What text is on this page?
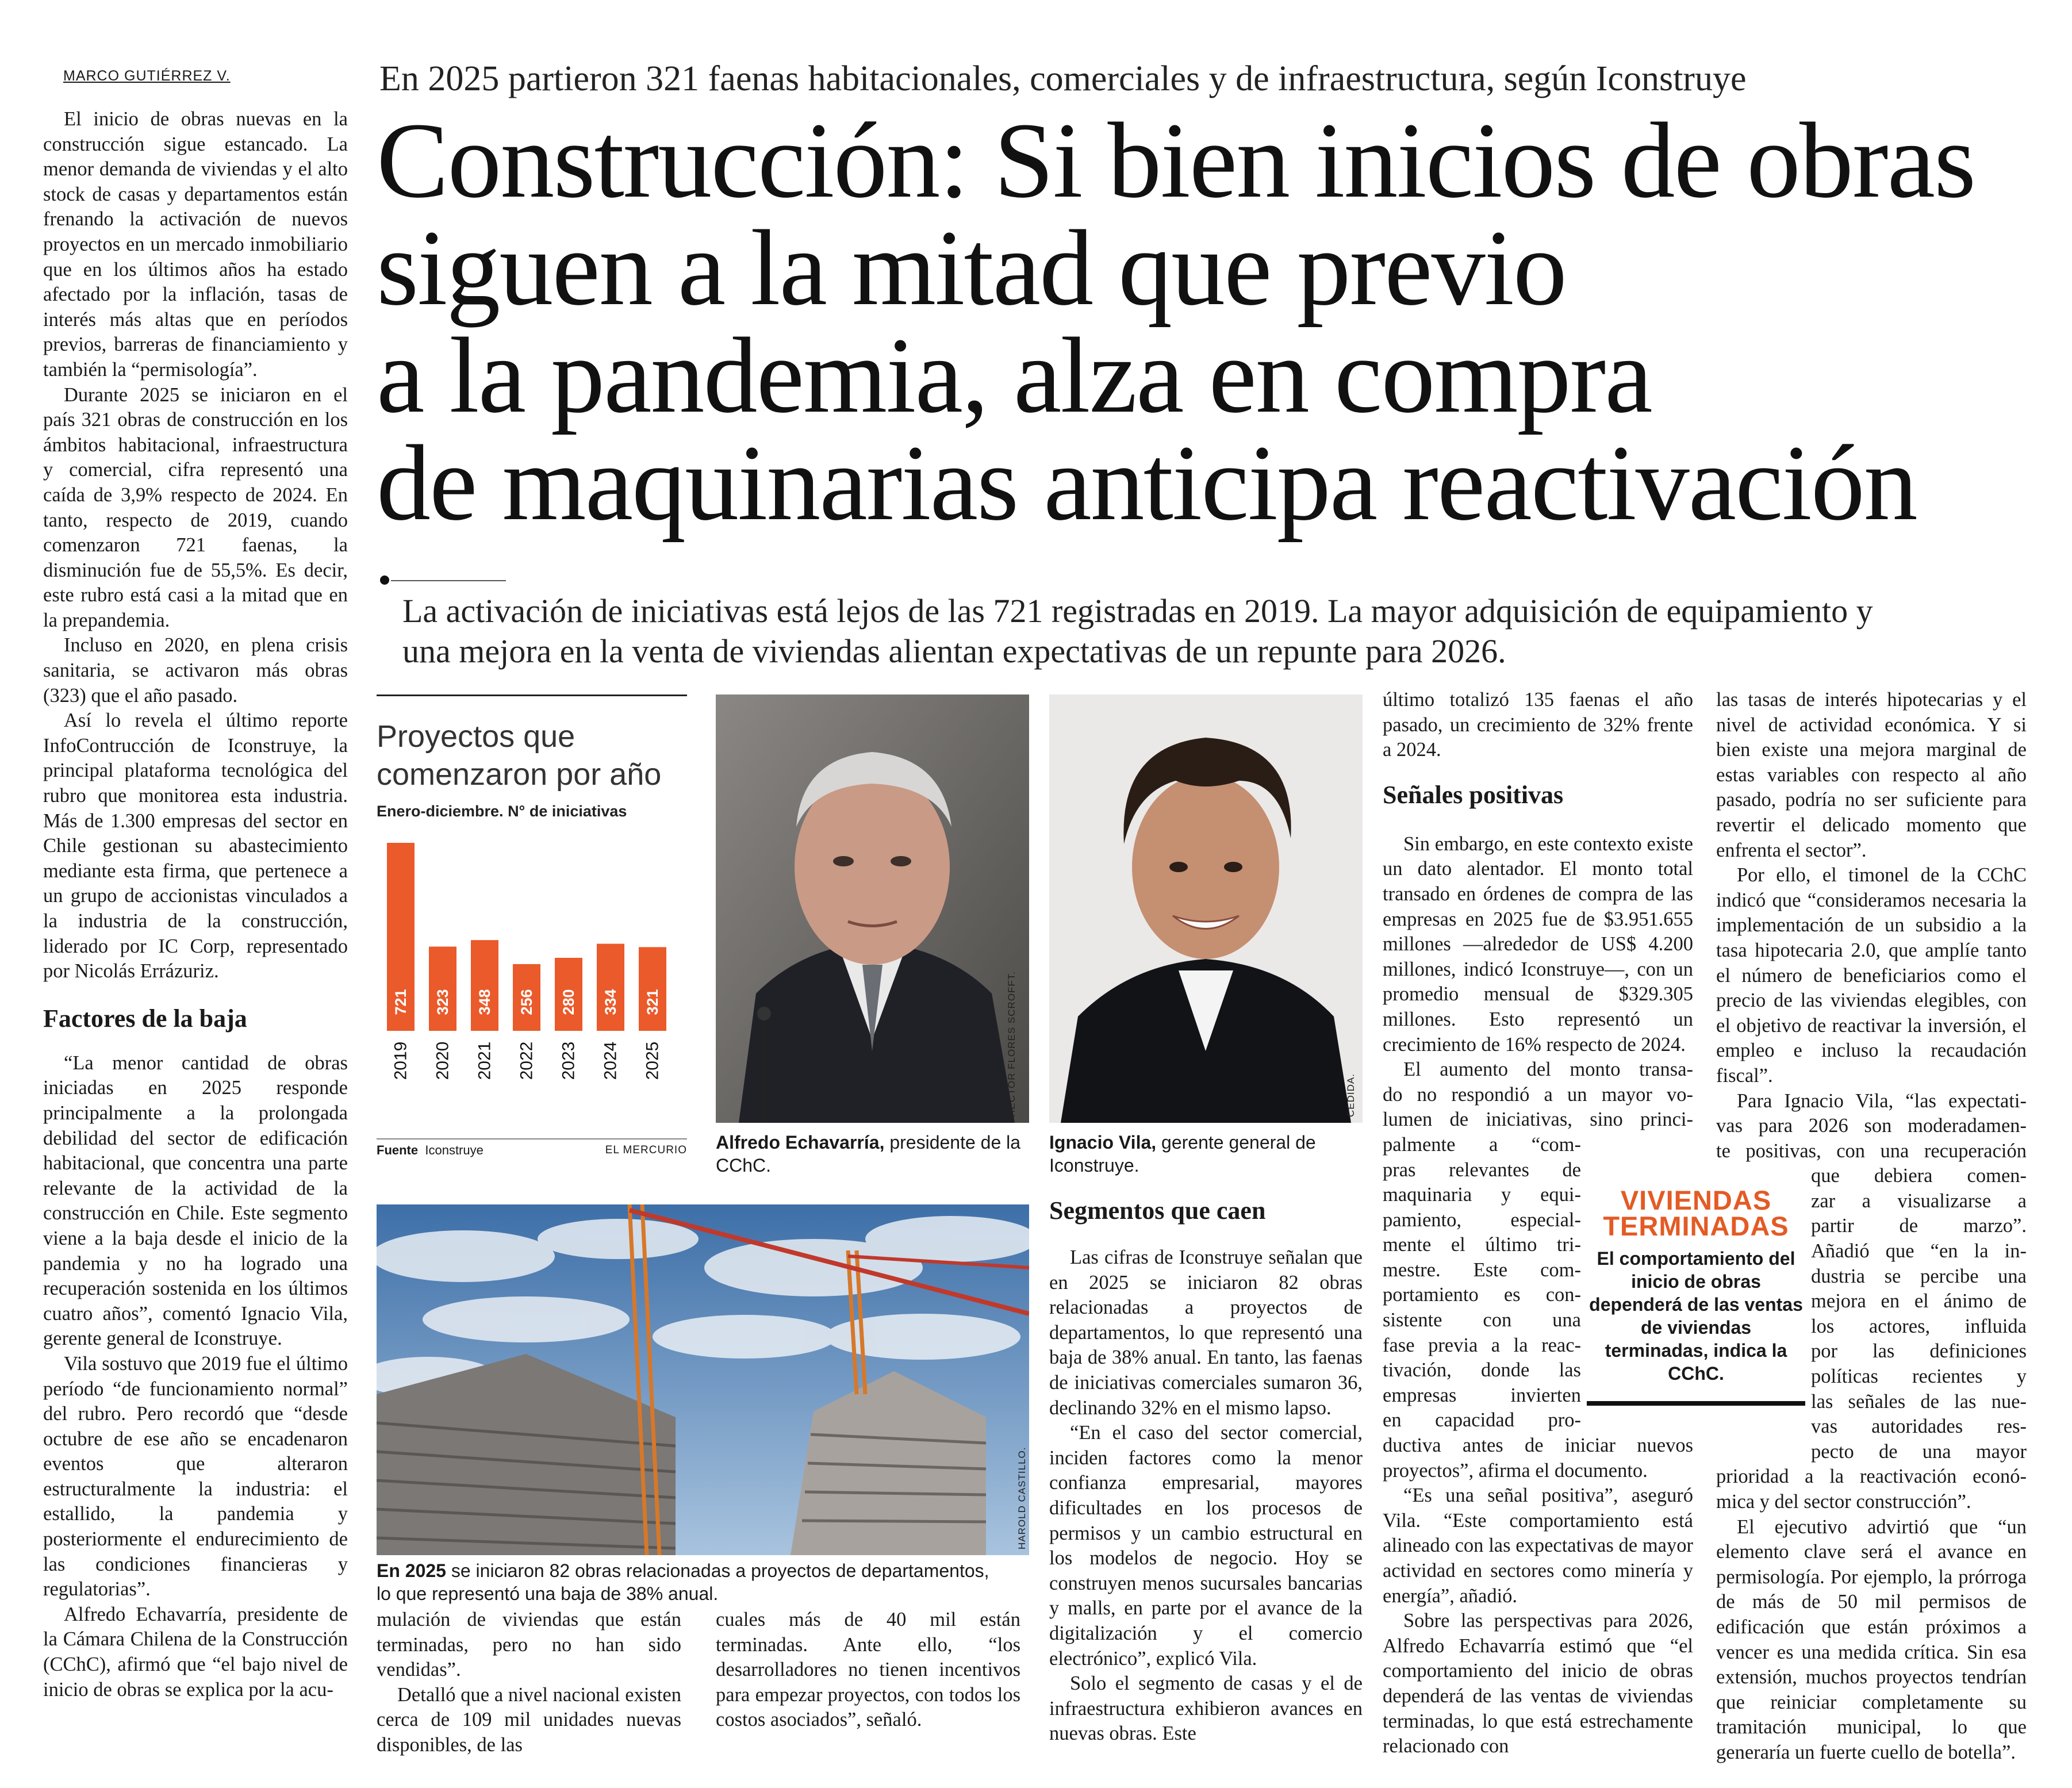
MARCO GUTIÉRREZ V.	En 2025 partieron 321 faenas habitacionales, comerciales y de infraestructura, según Iconstruye
Construcción: Si bien inicios de obras
siguen a la mitad que previo
a la pandemia, alza en compra
de maquinarias anticipa reactivación
La activación de iniciativas está lejos de las 721 registradas en 2019. La mayor adquisición de equipamiento y
una mejora en la venta de viviendas alientan expectativas de un repunte para 2026.

El inicio de obras nuevas en la construcción sigue estancado. La menor demanda de viviendas y el alto stock de casas y departamentos están frenando la activación de nuevos proyectos en un mercado inmobiliario que en los últimos años ha estado afectado por la inflación, tasas de interés más altas que en períodos previos, barreras de financiamiento y también la “permisología”.

Durante 2025 se iniciaron en el país 321 obras de construcción en los ámbitos habitacional, infraestructura y comercial, cifra representó una caída de 3,9% respecto de 2024. En tanto, respecto de 2019, cuando comenzaron 721 faenas, la disminución fue de 55,5%. Es decir, este rubro está casi a la mitad que en la prepandemia.

Incluso en 2020, en plena crisis sanitaria, se activaron más obras (323) que el año pasado.

Así lo revela el último reporte InfoContrucción de Iconstruye, la principal plataforma tecnológica del rubro que monitorea esta industria. Más de 1.300 empresas del sector en Chile gestionan su abastecimiento mediante esta firma, que pertenece a un grupo de accionistas vinculados a la industria de la construcción, liderado por IC Corp, representado por Nicolás Errázuriz.

Factores de la baja

“La menor cantidad de obras iniciadas en 2025 responde principalmente a la prolongada debilidad del sector de edificación habitacional, que concentra una parte relevante de la actividad de la construcción en Chile. Este segmento viene a la baja desde el inicio de la pandemia y no ha logrado una recuperación sostenida en los últimos cuatro años”, comentó Ignacio Vila, gerente general de Iconstruye.

Vila sostuvo que 2019 fue el último período “de funcionamiento normal” del rubro. Pero recordó que “desde octubre de ese año se encadenaron eventos que alteraron estructuralmente la industria: el estallido, la pandemia y posteriormente el endurecimiento de las condiciones financieras y regulatorias”.

Alfredo Echavarría, presidente de la Cámara Chilena de la Construcción (CChC), afirmó que “el bajo nivel de inicio de obras se explica por la acu-

Proyectos que
comenzaron por año
Enero-diciembre. N° de iniciativas
721
2019
323
2020
348
2021
256
2022
280
2023
334
2024
321
2025
Fuente Iconstruye	EL MERCURIO
HÉCTOR FLORES SCROFFT.
Alfredo Echavarría, presidente de la CChC.
CEDIDA.
Ignacio Vila, gerente general de Iconstruye.
HAROLD CASTILLO.
En 2025 se iniciaron 82 obras relacionadas a proyectos de departamentos,
lo que representó una baja de 38% anual.

mulación de viviendas que están terminadas, pero no han sido vendidas”.

Detalló que a nivel nacional existen cerca de 109 mil unidades nuevas disponibles, de las

cuales más de 40 mil están terminadas. Ante ello, “los desarrolladores no tienen incentivos para empezar proyectos, con todos los costos asociados”, señaló.

Segmentos que caen

Las cifras de Iconstruye señalan que en 2025 se iniciaron 82 obras relacionadas a proyectos de departamentos, lo que representó una baja de 38% anual. En tanto, las faenas de iniciativas comerciales sumaron 36, declinando 32% en el mismo lapso.

“En el caso del sector comercial, inciden factores como la menor confianza empresarial, mayores dificultades en los procesos de permisos y un cambio estructural en los modelos de negocio. Hoy se construyen menos sucursales bancarias y malls, en parte por el avance de la digitalización y el comercio electrónico”, explicó Vila.

Solo el segmento de casas y el de infraestructura exhibieron avances en nuevas obras. Este

último totalizó 135 faenas el año pasado, un crecimiento de 32% frente a 2024.

Señales positivas

Sin embargo, en este contexto existe un dato alentador. El monto total transado en órdenes de compra de las empresas en 2025 fue de $3.951.655 millones —alrededor de US$ 4.200 millones, indicó Iconstruye—, con un promedio mensual de $329.305 millones. Esto representó un crecimiento de 16% respecto de 2024.

El aumento del monto transa-
do no respondió a un mayor vo-
lumen de iniciativas, sino princi-
palmente a “com-
pras relevantes de
maquinaria y equi-
pamiento, especial-
mente el último tri-
mestre. Este com-
portamiento es con-
sistente con una
fase previa a la reac-
tivación, donde las
empresas invierten
en capacidad pro-
ductiva antes de iniciar nuevos
proyectos”, afirma el documento.

“Es una señal positiva”, aseguró Vila. “Este comportamiento está alineado con las expectativas de mayor actividad en sectores como minería y energía”, añadió.

Sobre las perspectivas para 2026, Alfredo Echavarría estimó que “el comportamiento del inicio de obras dependerá de las ventas de viviendas terminadas, lo que está estrechamente relacionado con

VIVIENDAS
TERMINADAS
El comportamiento del inicio de obras dependerá de las ventas de viviendas terminadas, indica la CChC.

las tasas de interés hipotecarias y el nivel de actividad económica. Y si bien existe una mejora marginal de estas variables con respecto al año pasado, podría no ser suficiente para revertir el delicado momento que enfrenta el sector”.

Por ello, el timonel de la CChC indicó que “consideramos necesaria la implementación de un subsidio a la tasa hipotecaria 2.0, que amplíe tanto el número de beneficiarios como el precio de las viviendas elegibles, con el objetivo de reactivar la inversión, el empleo e incluso la recaudación fiscal”.

Para Ignacio Vila, “las expectati-
vas para 2026 son moderadamen-
te positivas, con una recuperación
que debiera comen-
zar a visualizarse a
partir de marzo”.
Añadió que “en la in-
dustria se percibe una
mejora en el ánimo de
los actores, influida
por las definiciones
políticas recientes y
las señales de las nue-
vas autoridades res-
pecto de una mayor
prioridad a la reactivación econó-
mica y del sector construcción”.

El ejecutivo advirtió que “un elemento clave será el avance en permisología. Por ejemplo, la prórroga de más de 50 mil permisos de edificación que están próximos a vencer es una medida crítica. Sin esa extensión, muchos proyectos tendrían que reiniciar completamente su tramitación municipal, lo que generaría un fuerte cuello de botella”.
